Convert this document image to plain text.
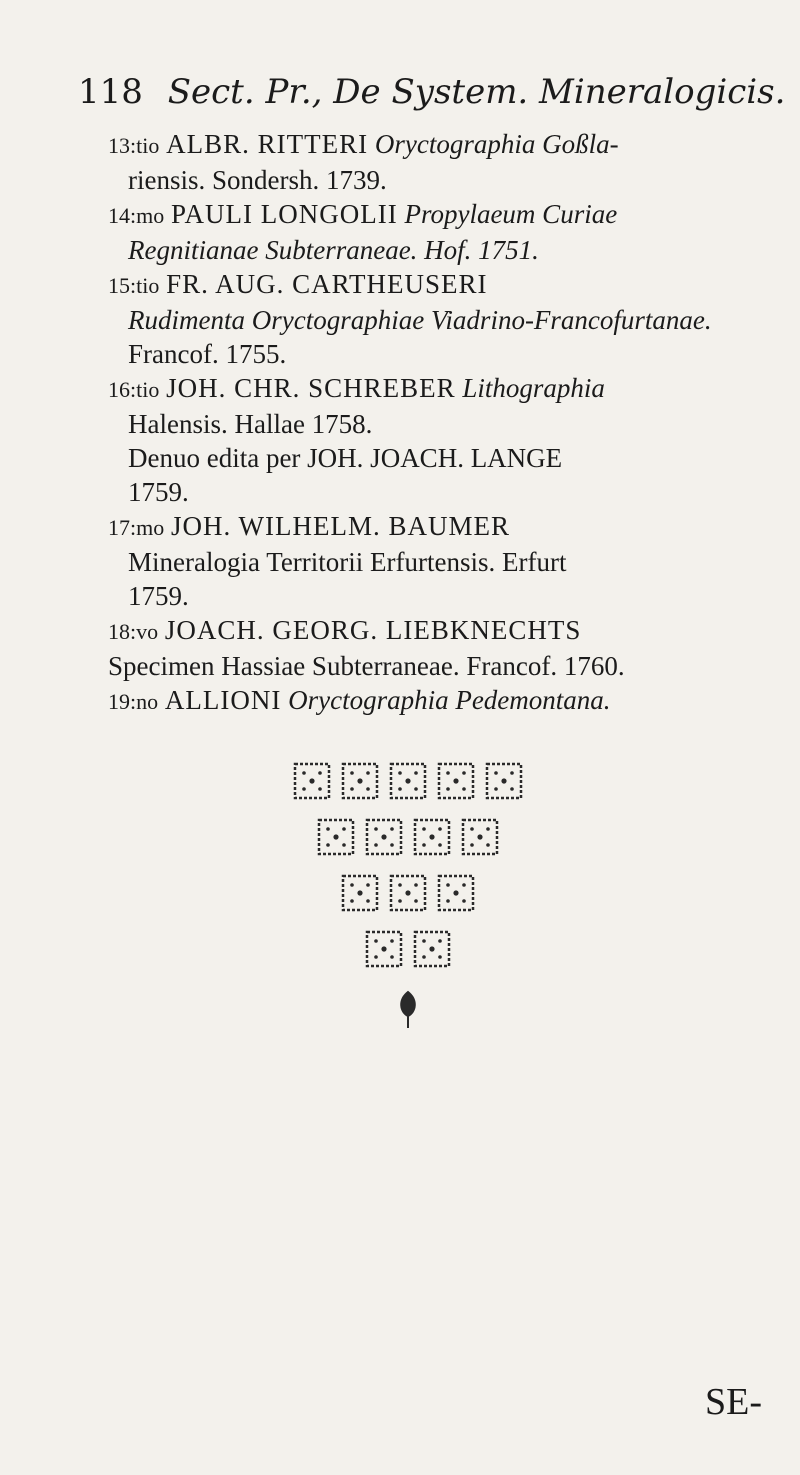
118 Sect. Pr., De System. Mineralogicis.
13:tio ALBR. RITTERI Oryctographia Goßla-
riensis. Sondersh. 1739.
14:mo PAULI LONGOLII Propylaeum Curiae
Regnitianae Subterraneae. Hof. 1751.
15:tio FR. AUG. CARTHEUSERI
Rudimenta Oryctographiae Viadrino-Francofurtanae.
Francof. 1755.
16:tio JOH. CHR. SCHREBER Lithographia
Halensis. Hallae 1758.
Denuo edita per JOH. JOACH. LANGE
1759.
17:mo JOH. WILHELM. BAUMER
Mineralogia Territorii Erfurtensis. Erfurt
1759.
18:vo JOACH. GEORG. LIEBKNECHTS
Specimen Hassiae Subterraneae. Francof. 1760.
19:no ALLIONI Oryctographia Pedemontana.
SE-
